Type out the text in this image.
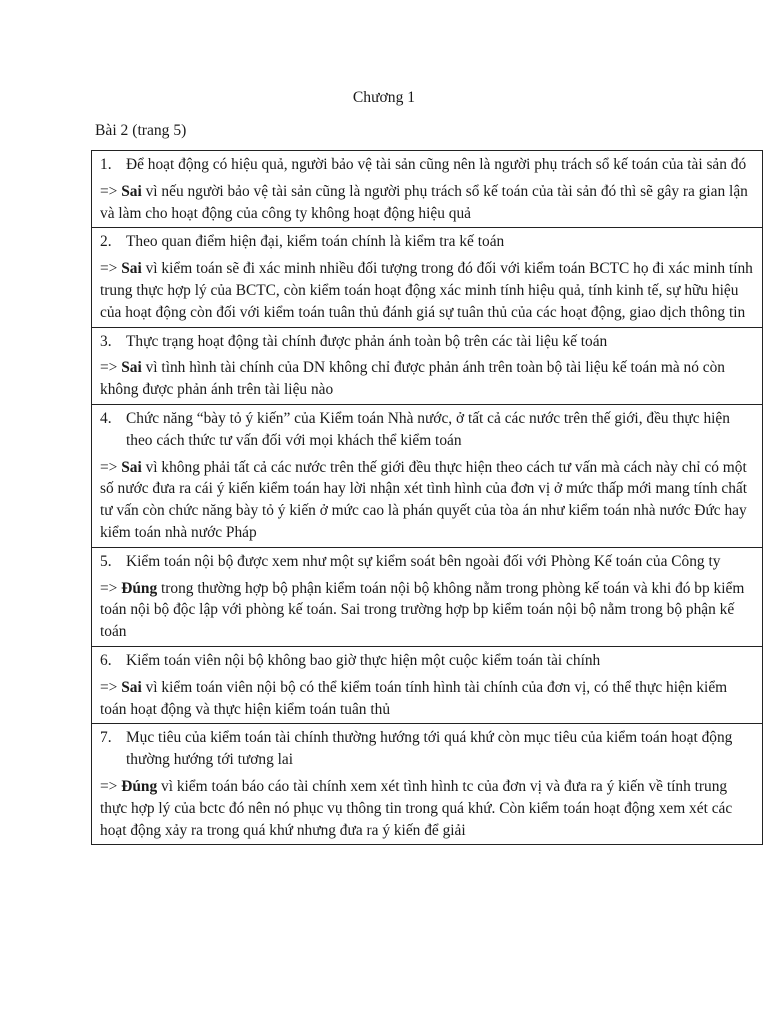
Chương 1
Bài 2 (trang 5)
1. Để hoạt động có hiệu quả, người bảo vệ tài sản cũng nên là người phụ trách sổ kế toán của tài sản đó
=> Sai vì nếu người bảo vệ tài sản cũng là người phụ trách sổ kế toán của tài sản đó thì sẽ gây ra gian lận và làm cho hoạt động của công ty không hoạt động hiệu quả

2. Theo quan điểm hiện đại, kiểm toán chính là kiểm tra kế toán
=> Sai vì kiểm toán sẽ đi xác minh nhiều đối tượng trong đó đối với kiểm toán BCTC họ đi xác minh tính trung thực hợp lý của BCTC, còn kiểm toán hoạt động xác minh tính hiệu quả, tính kinh tế, sự hữu hiệu của hoạt động còn đối với kiểm toán tuân thủ đánh giá sự tuân thủ của các hoạt động, giao dịch thông tin

3. Thực trạng hoạt động tài chính được phản ánh toàn bộ trên các tài liệu kế toán
=> Sai vì tình hình tài chính của DN không chỉ được phản ánh trên toàn bộ tài liệu kế toán mà nó còn không được phản ánh trên tài liệu nào

4. Chức năng “bày tỏ ý kiến” của Kiểm toán Nhà nước, ở tất cả các nước trên thế giới, đều thực hiện theo cách thức tư vấn đối với mọi khách thể kiểm toán
=> Sai vì không phải tất cả các nước trên thế giới đều thực hiện theo cách tư vấn mà cách này chỉ có một số nước đưa ra cái ý kiến kiểm toán hay lời nhận xét tình hình của đơn vị ở mức thấp mới mang tính chất tư vấn còn chức năng bày tỏ ý kiến ở mức cao là phán quyết của tòa án như kiểm toán nhà nước Đức hay kiểm toán nhà nước Pháp

5. Kiểm toán nội bộ được xem như một sự kiểm soát bên ngoài đối với Phòng Kế toán của Công ty
=> Đúng trong thường hợp bộ phận kiểm toán nội bộ không nằm trong phòng kế toán và khi đó bp kiểm toán nội bộ độc lập với phòng kế toán. Sai trong trường hợp bp kiểm toán nội bộ nằm trong bộ phận kế toán

6. Kiểm toán viên nội bộ không bao giờ thực hiện một cuộc kiểm toán tài chính
=> Sai vì kiểm toán viên nội bộ có thể kiểm toán tính hình tài chính của đơn vị, có thể thực hiện kiểm toán hoạt động và thực hiện kiểm toán tuân thủ

7. Mục tiêu của kiểm toán tài chính thường hướng tới quá khứ còn mục tiêu của kiểm toán hoạt động thường hướng tới tương lai
=> Đúng vì kiểm toán báo cáo tài chính xem xét tình hình tc của đơn vị và đưa ra ý kiến về tính trung thực hợp lý của bctc đó nên nó phục vụ thông tin trong quá khứ. Còn kiểm toán hoạt động xem xét các hoạt động xảy ra trong quá khứ nhưng đưa ra ý kiến để giải
